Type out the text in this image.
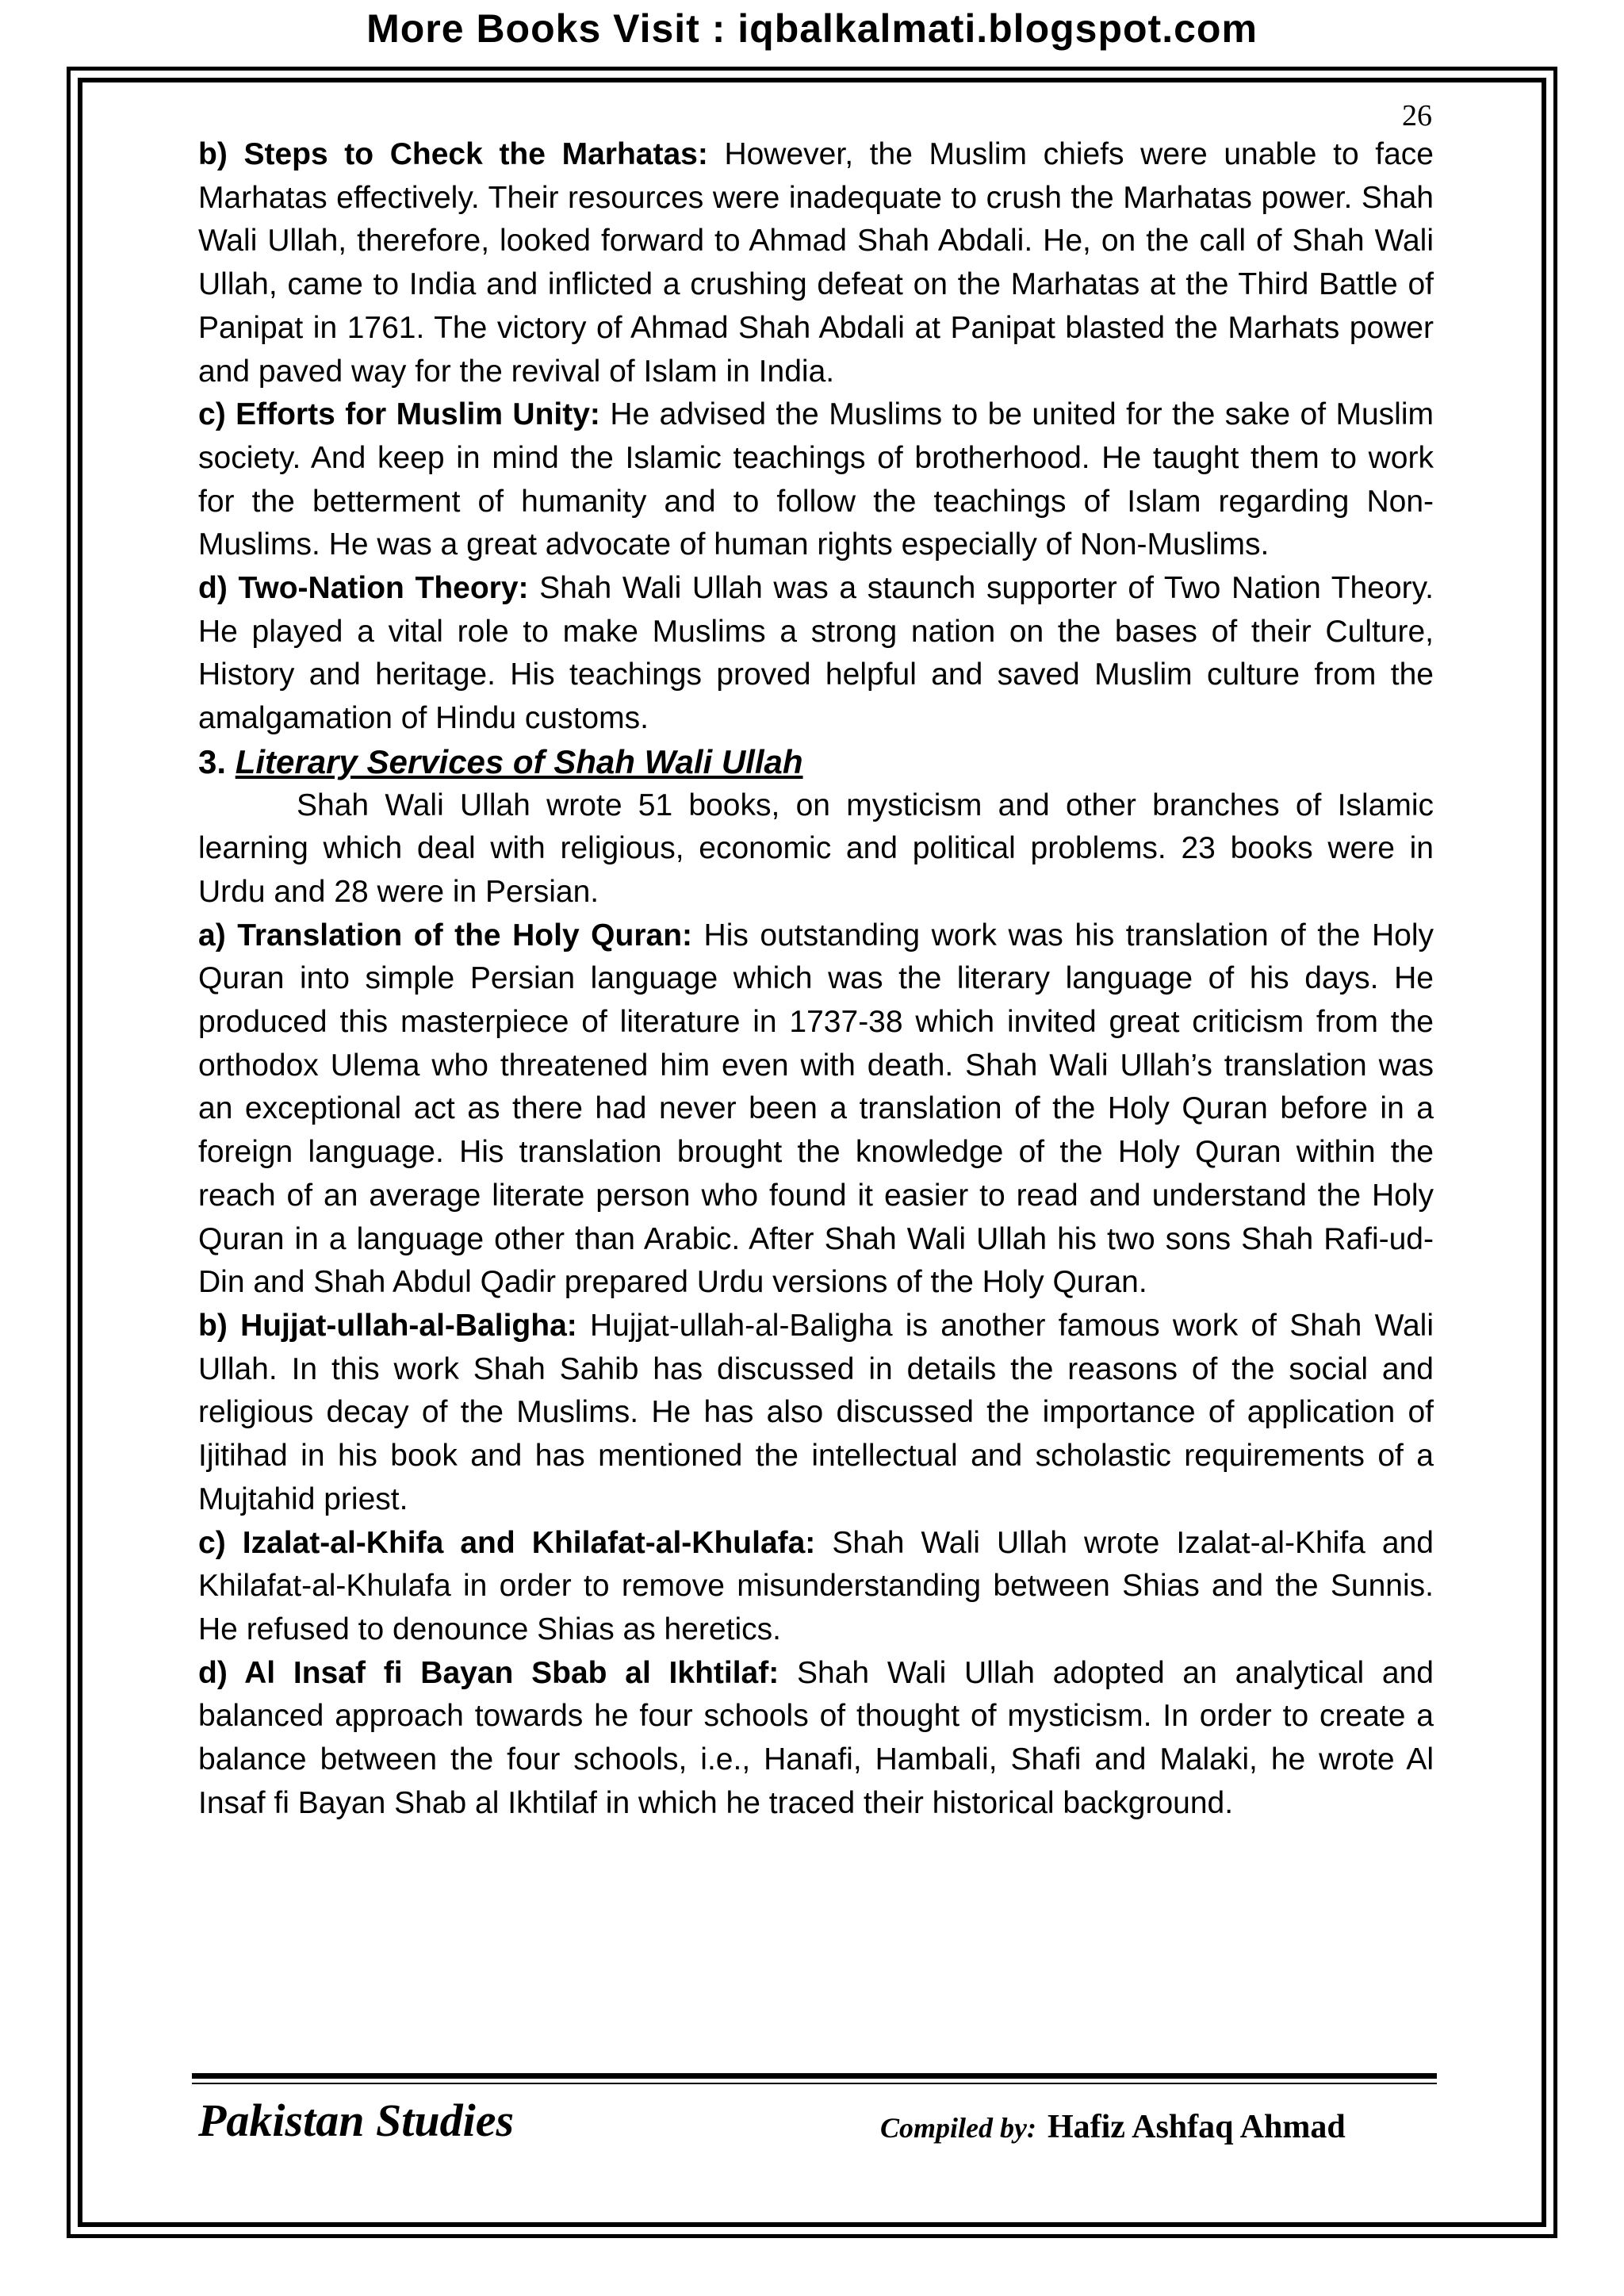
More Books Visit : iqbalkalmati.blogspot.com
26

b) Steps to Check the Marhatas: However, the Muslim chiefs were unable to face Marhatas effectively. Their resources were inadequate to crush the Marhatas power. Shah Wali Ullah, therefore, looked forward to Ahmad Shah Abdali. He, on the call of Shah Wali Ullah, came to India and inflicted a crushing defeat on the Marhatas at the Third Battle of Panipat in 1761. The victory of Ahmad Shah Abdali at Panipat blasted the Marhats power and paved way for the revival of Islam in India.

c) Efforts for Muslim Unity: He advised the Muslims to be united for the sake of Muslim society. And keep in mind the Islamic teachings of brotherhood. He taught them to work for the betterment of humanity and to follow the teachings of Islam regarding Non-Muslims. He was a great advocate of human rights especially of Non-Muslims.

d) Two-Nation Theory: Shah Wali Ullah was a staunch supporter of Two Nation Theory. He played a vital role to make Muslims a strong nation on the bases of their Culture, History and heritage. His teachings proved helpful and saved Muslim culture from the amalgamation of Hindu customs.

3. Literary Services of Shah Wali Ullah

Shah Wali Ullah wrote 51 books, on mysticism and other branches of Islamic learning which deal with religious, economic and political problems. 23 books were in Urdu and 28 were in Persian.

a) Translation of the Holy Quran: His outstanding work was his translation of the Holy Quran into simple Persian language which was the literary language of his days. He produced this masterpiece of literature in 1737-38 which invited great criticism from the orthodox Ulema who threatened him even with death. Shah Wali Ullah’s translation was an exceptional act as there had never been a translation of the Holy Quran before in a foreign language. His translation brought the knowledge of the Holy Quran within the reach of an average literate person who found it easier to read and understand the Holy Quran in a language other than Arabic. After Shah Wali Ullah his two sons Shah Rafi-ud-Din and Shah Abdul Qadir prepared Urdu versions of the Holy Quran.

b) Hujjat-ullah-al-Baligha: Hujjat-ullah-al-Baligha is another famous work of Shah Wali Ullah. In this work Shah Sahib has discussed in details the reasons of the social and religious decay of the Muslims. He has also discussed the importance of application of Ijitihad in his book and has mentioned the intellectual and scholastic requirements of a Mujtahid priest.

c) Izalat-al-Khifa and Khilafat-al-Khulafa: Shah Wali Ullah wrote Izalat-al-Khifa and Khilafat-al-Khulafa in order to remove misunderstanding between Shias and the Sunnis. He refused to denounce Shias as heretics.

d) Al Insaf fi Bayan Sbab al Ikhtilaf: Shah Wali Ullah adopted an analytical and balanced approach towards he four schools of thought of mysticism. In order to create a balance between the four schools, i.e., Hanafi, Hambali, Shafi and Malaki, he wrote Al Insaf fi Bayan Shab al Ikhtilaf in which he traced their historical background.

Pakistan Studies	Compiled by: Hafiz Ashfaq Ahmad
